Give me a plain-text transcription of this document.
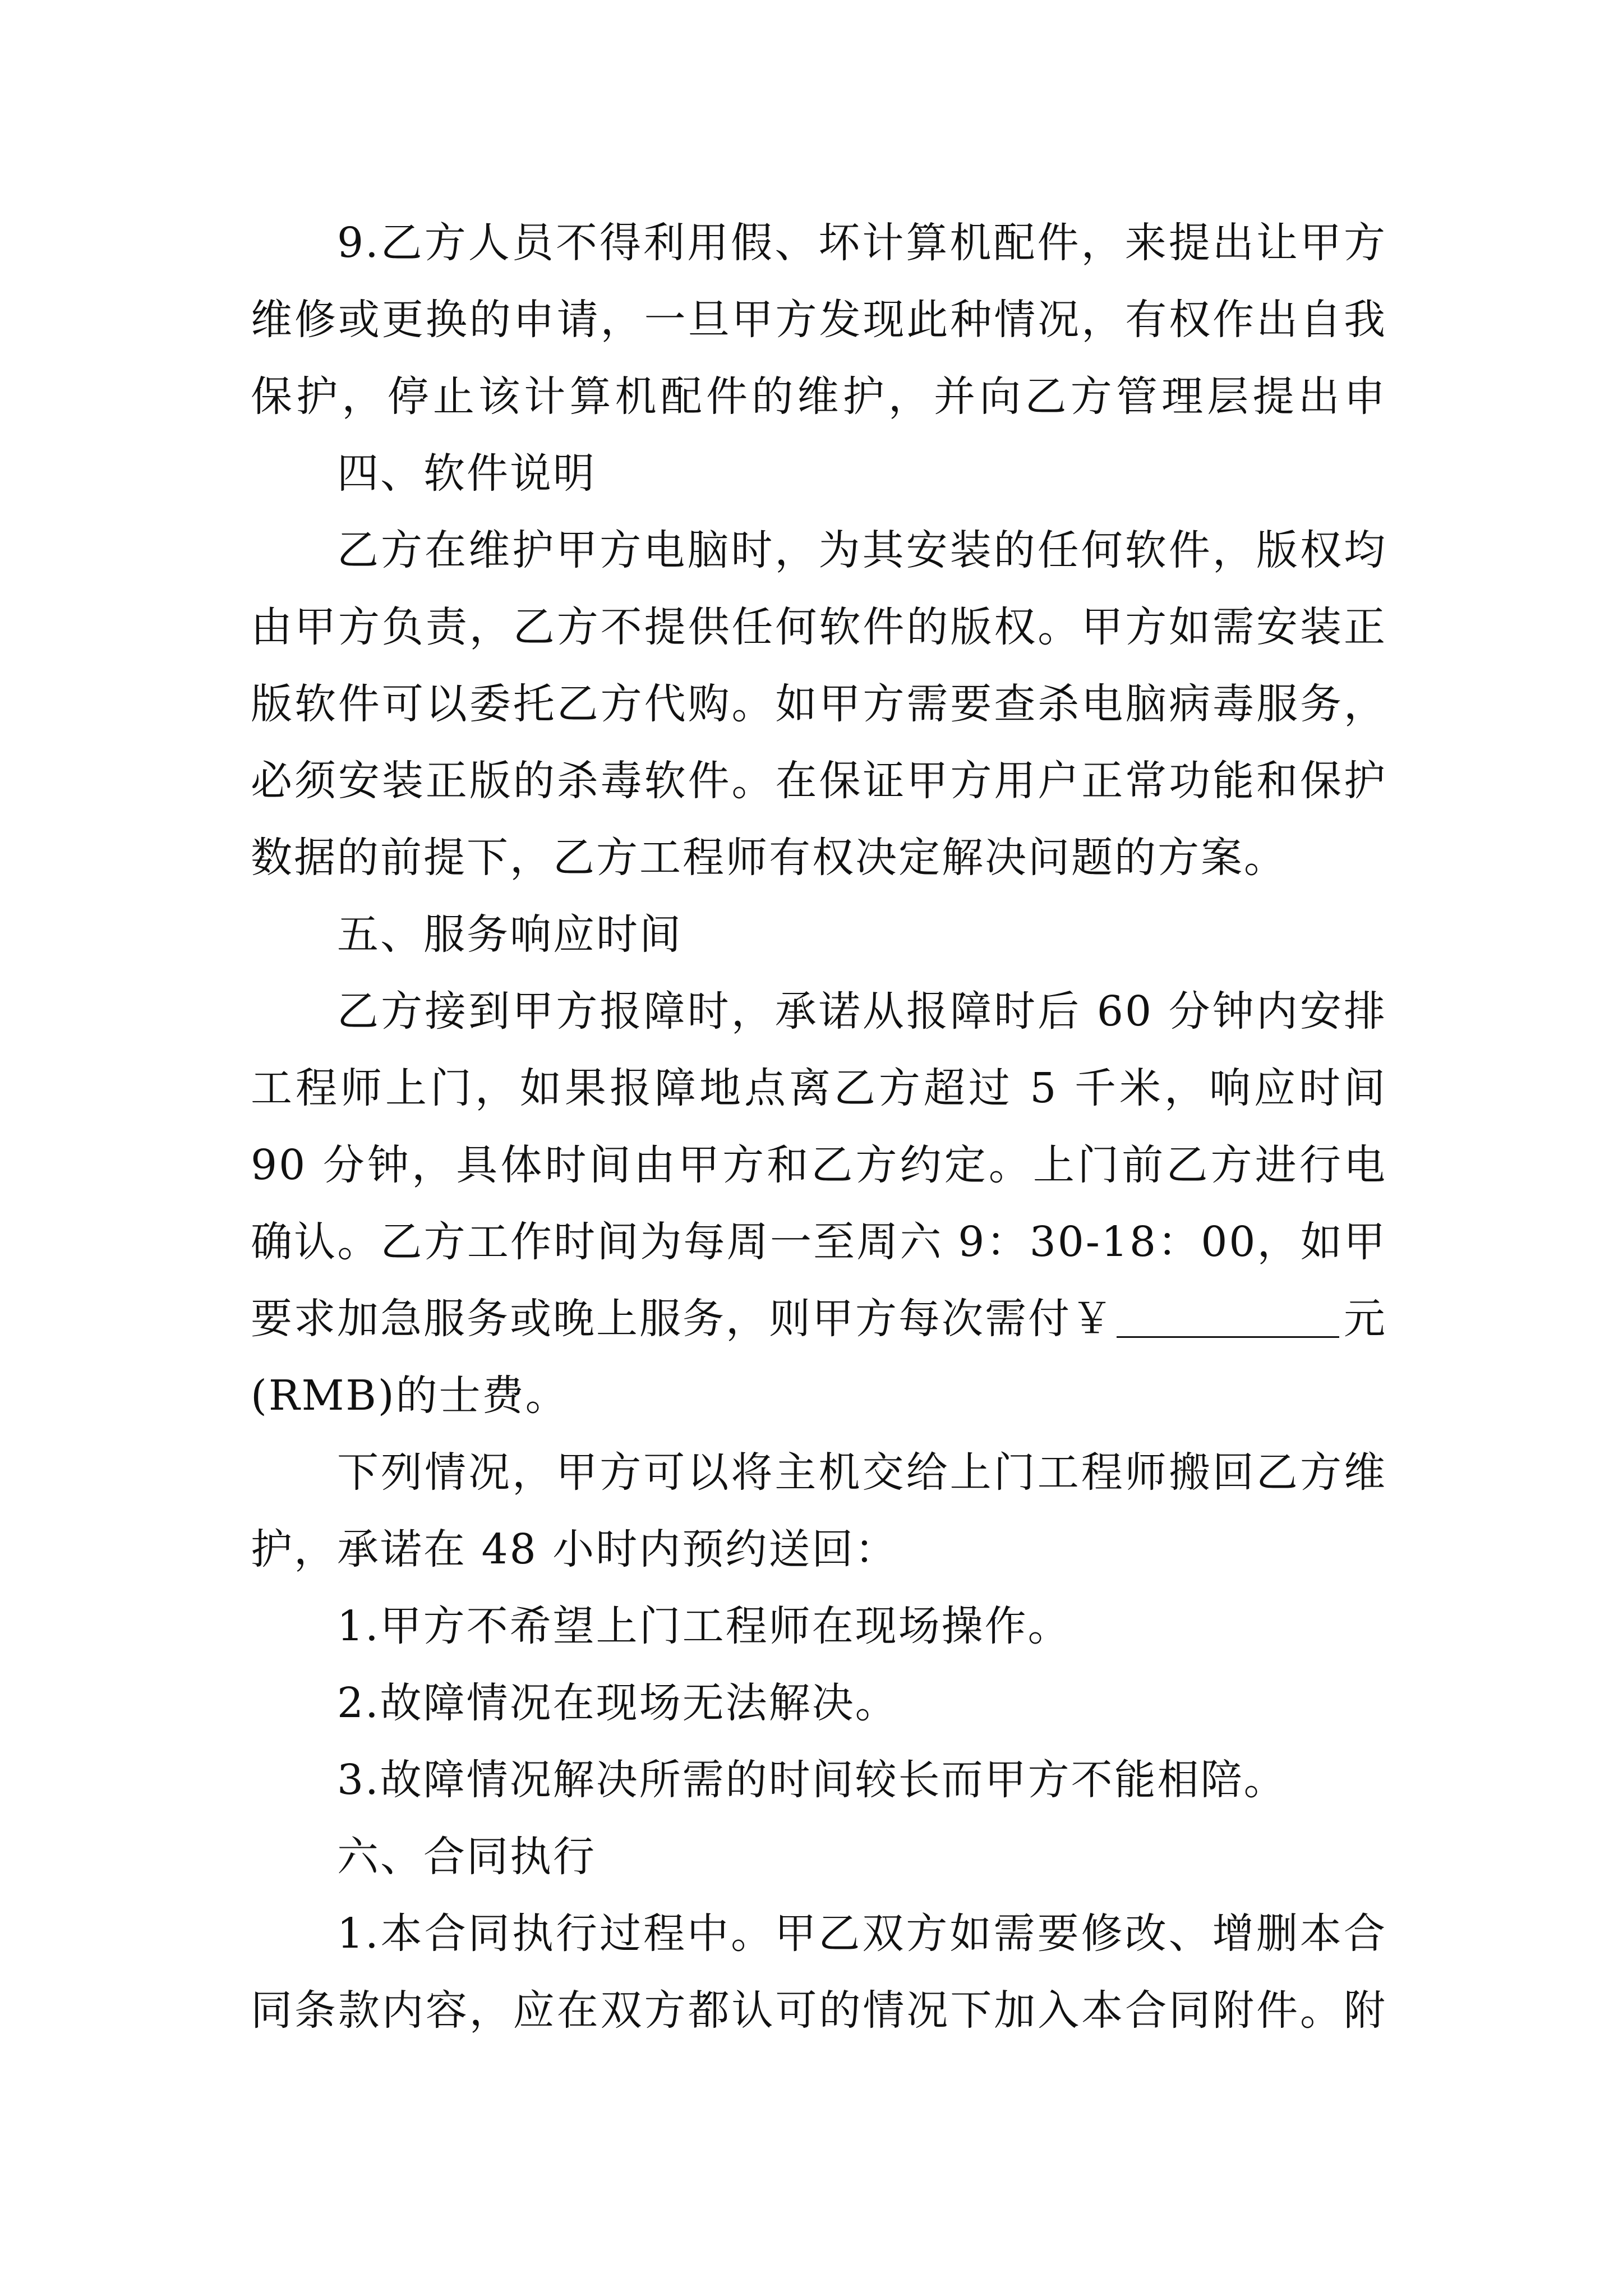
9.乙方人员不得利用假、坏计算机配件，来提出让甲方
维修或更换的申请，一旦甲方发现此种情况，有权作出自我
保护，停止该计算机配件的维护，并向乙方管理层提出申
四、软件说明
乙方在维护甲方电脑时，为其安装的任何软件，版权均
由甲方负责，乙方不提供任何软件的版权。甲方如需安装正
版软件可以委托乙方代购。如甲方需要查杀电脑病毒服务，
必须安装正版的杀毒软件。在保证甲方用户正常功能和保护
数据的前提下，乙方工程师有权决定解决问题的方案。
五、服务响应时间
乙方接到甲方报障时，承诺从报障时后 60 分钟内安排
工程师上门，如果报障地点离乙方超过 5 千米，响应时间
90 分钟，具体时间由甲方和乙方约定。上门前乙方进行电
确认。乙方工作时间为每周一至周六 9：30-18：00，如甲
要求加急服务或晚上服务，则甲方每次需付￥	元
(RMB)的士费。
下列情况，甲方可以将主机交给上门工程师搬回乙方维
护，承诺在 48 小时内预约送回：
1.甲方不希望上门工程师在现场操作。
2.故障情况在现场无法解决。
3.故障情况解决所需的时间较长而甲方不能相陪。
六、合同执行
1.本合同执行过程中。甲乙双方如需要修改、增删本合
同条款内容，应在双方都认可的情况下加入本合同附件。附
